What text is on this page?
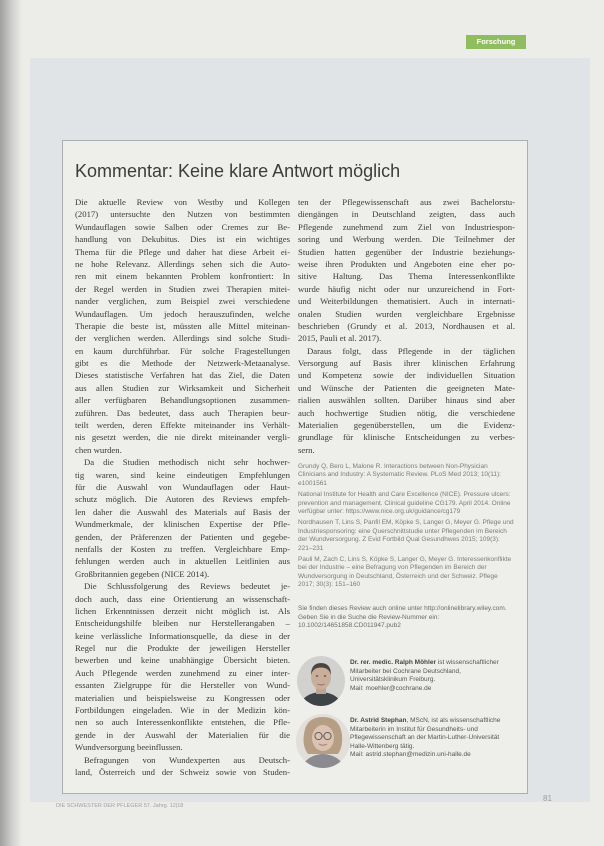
Forschung
Kommentar: Keine klare Antwort möglich
Die aktuelle Review von Westby und Kollegen
(2017) untersuchte den Nutzen von bestimmten
Wundauflagen sowie Salben oder Cremes zur Be-
handlung von Dekubitus. Dies ist ein wichtiges
Thema für die Pflege und daher hat diese Arbeit ei-
ne hohe Relevanz. Allerdings sehen sich die Auto-
ren mit einem bekannten Problem konfrontiert: In
der Regel werden in Studien zwei Therapien mitei-
nander verglichen, zum Beispiel zwei verschiedene
Wundauflagen. Um jedoch herauszufinden, welche
Therapie die beste ist, müssten alle Mittel miteinan-
der verglichen werden. Allerdings sind solche Studi-
en kaum durchführbar. Für solche Fragestellungen
gibt es die Methode der Netzwerk-Metaanalyse.
Dieses statistische Verfahren hat das Ziel, die Daten
aus allen Studien zur Wirksamkeit und Sicherheit
aller verfügbaren Behandlungsoptionen zusammen-
zuführen. Das bedeutet, dass auch Therapien beur-
teilt werden, deren Effekte miteinander ins Verhält-
nis gesetzt werden, die nie direkt miteinander vergli-
chen wurden.
Da die Studien methodisch nicht sehr hochwer-
tig waren, sind keine eindeutigen Empfehlungen
für die Auswahl von Wundauflagen oder Haut-
schutz möglich. Die Autoren des Reviews empfeh-
len daher die Auswahl des Materials auf Basis der
Wundmerkmale, der klinischen Expertise der Pfle-
genden, der Präferenzen der Patienten und gegebe-
nenfalls der Kosten zu treffen. Vergleichbare Emp-
fehlungen werden auch in aktuellen Leitlinien aus
Großbritannien gegeben (NICE 2014).
Die Schlussfolgerung des Reviews bedeutet je-
doch auch, dass eine Orientierung an wissenschaft-
lichen Erkenntnissen derzeit nicht möglich ist. Als
Entscheidungshilfe bleiben nur Herstellerangaben –
keine verlässliche Informationsquelle, da diese in der
Regel nur die Produkte der jeweiligen Hersteller
bewerben und keine unabhängige Übersicht bieten.
Auch Pflegende werden zunehmend zu einer inter-
essanten Zielgruppe für die Hersteller von Wund-
materialien und beispielsweise zu Kongressen oder
Fortbildungen eingeladen. Wie in der Medizin kön-
nen so auch Interessenkonflikte entstehen, die Pfle-
gende in der Auswahl der Materialien für die
Wundversorgung beeinflussen.
Befragungen von Wundexperten aus Deutsch-
land, Österreich und der Schweiz sowie von Studen-
ten der Pflegewissenschaft aus zwei Bachelorstu-
diengängen in Deutschland zeigten, dass auch
Pflegende zunehmend zum Ziel von Industriespon-
soring und Werbung werden. Die Teilnehmer der
Studien hatten gegenüber der Industrie beziehungs-
weise ihren Produkten und Angeboten eine eher po-
sitive Haltung. Das Thema Interessenkonflikte
wurde häufig nicht oder nur unzureichend in Fort-
und Weiterbildungen thematisiert. Auch in internati-
onalen Studien wurden vergleichbare Ergebnisse
beschrieben (Grundy et al. 2013, Nordhausen et al.
2015, Pauli et al. 2017).
Daraus folgt, dass Pflegende in der täglichen
Versorgung auf Basis ihrer klinischen Erfahrung
und Kompetenz sowie der individuellen Situation
und Wünsche der Patienten die geeigneten Mate-
rialien auswählen sollten. Darüber hinaus sind aber
auch hochwertige Studien nötig, die verschiedene
Materialien gegenüberstellen, um die Evidenz-
grundlage für klinische Entscheidungen zu verbes-
sern.
Grundy Q, Bero L, Malone R. Interactions between Non-Physician Clinicians and Industry: A Systematic Review. PLoS Med 2013; 10(11): e1001561
National Institute for Health and Care Excellence (NICE). Pressure ulcers: prevention and management. Clinical guideline CG179. April 2014. Online verfügbar unter: https://www.nice.org.uk/guidance/cg179
Nordhausen T, Lins S, Panfil EM, Köpke S, Langer G, Meyer G. Pflege und Industriesponsoring: eine Querschnittstudie unter Pflegenden im Bereich der Wundversorgung. Z Evid Fortbild Qual Gesundhwes 2015; 109(3): 221–231
Pauli M, Zach C, Lins S, Köpke S, Langer G, Meyer G. Interessenkonflikte bei der Industrie – eine Befragung von Pflegenden im Bereich der Wundversorgung in Deutschland, Österreich und der Schweiz. Pflege 2017; 30(3): 151–160
Sie finden dieses Review auch online unter http://onlinelibrary.wiley.com. Geben Sie in die Suche die Review-Nummer ein: 10.1002/14651858.CD011947.pub2
Dr. rer. medic. Ralph Möhler ist wissenschaftlicher Mitarbeiter bei Cochrane Deutschland, Universitätsklinikum Freiburg.
Mail: moehler@cochrane.de
Dr. Astrid Stephan, MScN, ist als wissenschaftliche Mitarbeiterin im Institut für Gesundheits- und Pflegewissenschaft an der Martin-Luther-Universität Halle-Wittenberg tätig.
Mail: astrid.stephan@medizin.uni-halle.de
DIE SCHWESTER DER PFLEGER 57. Jahrg. 12|18
81
